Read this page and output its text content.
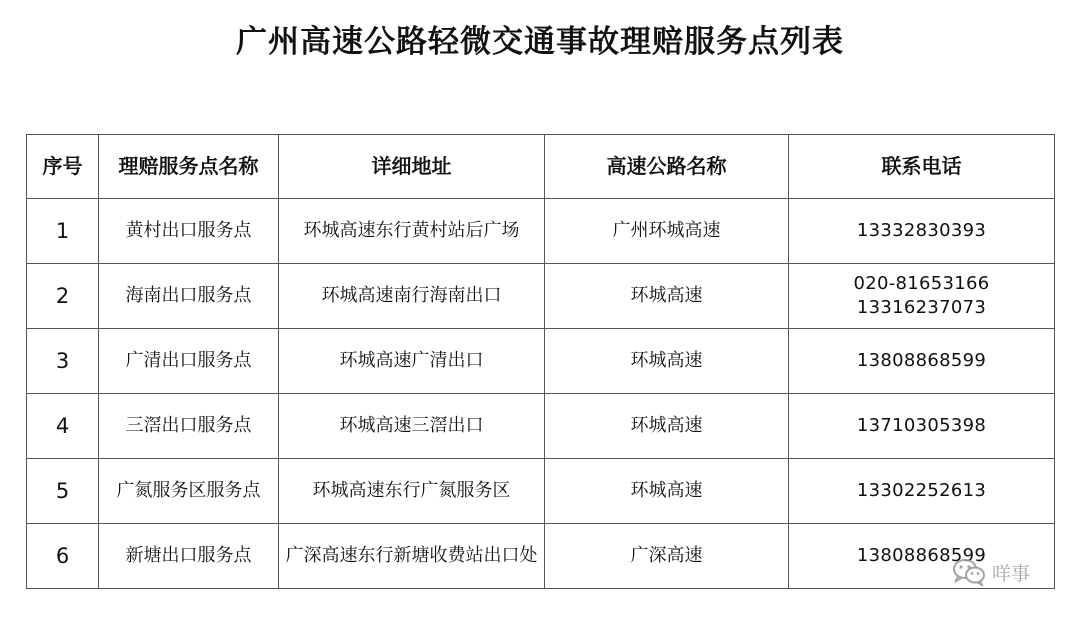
广州高速公路轻微交通事故理赔服务点列表
序号	理赔服务点名称	详细地址	高速公路名称	联系电话
1	黄村出口服务点	环城高速东行黄村站后广场	广州环城高速	13332830393
2	海南出口服务点	环城高速南行海南出口	环城高速	020-81653166 13316237073
3	广清出口服务点	环城高速广清出口	环城高速	13808868599
4	三滘出口服务点	环城高速三滘出口	环城高速	13710305398
5	广氮服务区服务点	环城高速东行广氮服务区	环城高速	13302252613
6	新塘出口服务点	广深高速东行新塘收费站出口处	广深高速	13808868599
咩事
